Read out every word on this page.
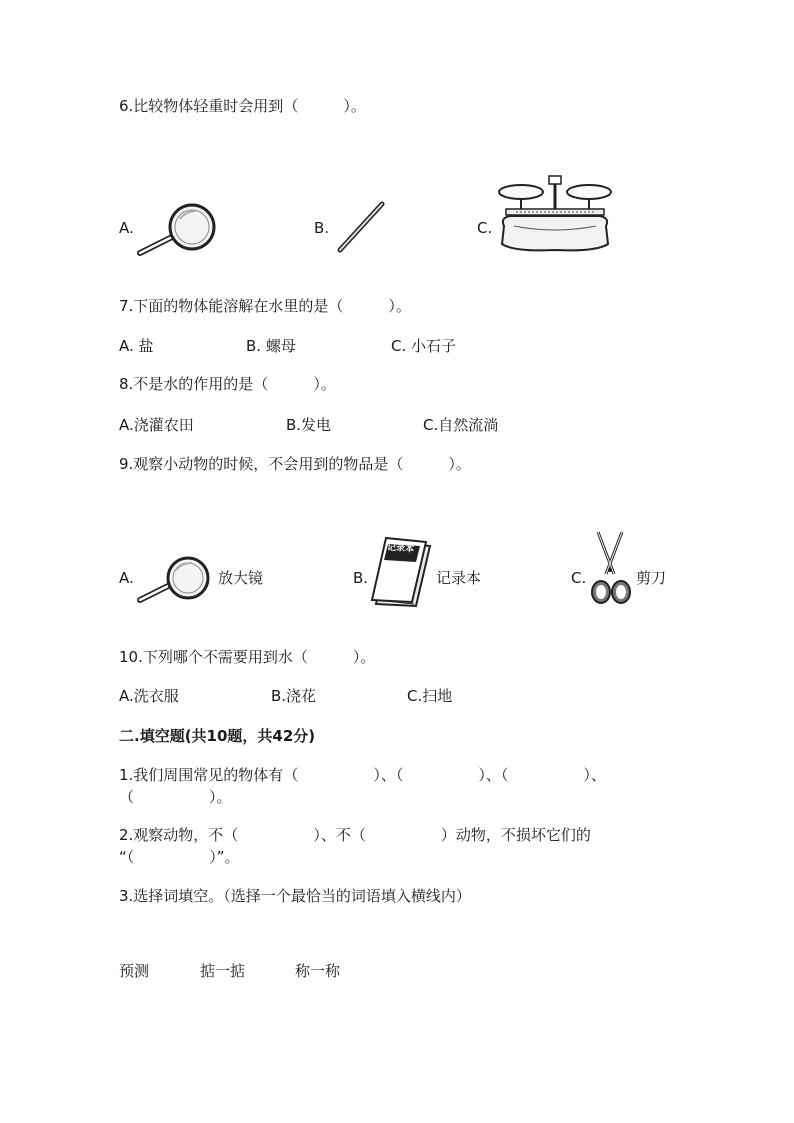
6.比较物体轻重时会用到（　　　）。
A.	B.	C.
7.下面的物体能溶解在水里的是（　　　）。
A. 盐	B. 螺母	C. 小石子
8.不是水的作用的是（　　　）。
A.浇灌农田	B.发电	C.自然流淌
9.观察小动物的时候，不会用到的物品是（　　　）。
A.	放大镜	B.
记录本
记录本	C.	剪刀
10.下列哪个不需要用到水（　　　）。
A.洗衣服	B.浇花	C.扫地
二.填空题(共10题，共42分)
1.我们周围常见的物体有（　　　　　）、（　　　　　）、（　　　　　）、
（　　　　　）。
2.观察动物，不（　　　　　）、不（　　　　　）动物，不损坏它们的
“（　　　　　）”。
3.选择词填空。（选择一个最恰当的词语填入横线内）
预测	掂一掂	称一称
